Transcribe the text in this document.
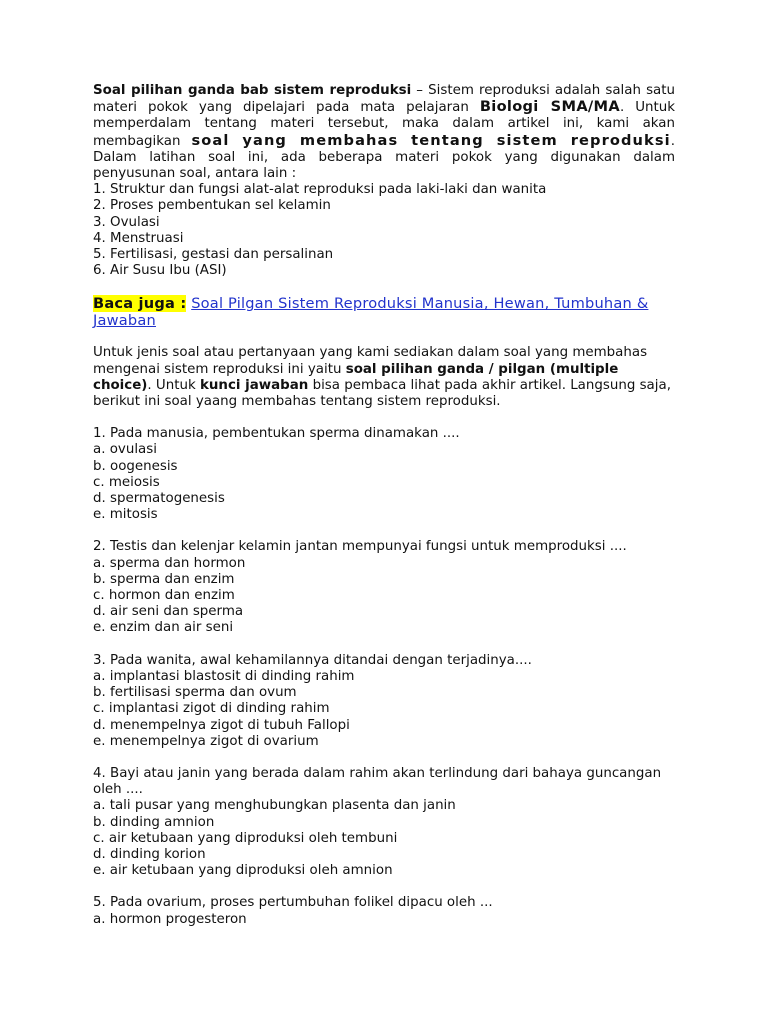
Soal pilihan ganda bab sistem reproduksi – Sistem reproduksi adalah salah satu materi pokok yang dipelajari pada mata pelajaran Biologi SMA/MA. Untuk memperdalam tentang materi tersebut, maka dalam artikel ini, kami akan membagikan soal yang membahas tentang sistem reproduksi. Dalam latihan soal ini, ada beberapa materi pokok yang digunakan dalam penyusunan soal, antara lain :

1. Struktur dan fungsi alat-alat reproduksi pada laki-laki dan wanita
2. Proses pembentukan sel kelamin
3. Ovulasi
4. Menstruasi
5. Fertilisasi, gestasi dan persalinan
6. Air Susu Ibu (ASI)

Baca juga : Soal Pilgan Sistem Reproduksi Manusia, Hewan, Tumbuhan & Jawaban

Untuk jenis soal atau pertanyaan yang kami sediakan dalam soal yang membahas mengenai sistem reproduksi ini yaitu soal pilihan ganda / pilgan (multiple choice). Untuk kunci jawaban bisa pembaca lihat pada akhir artikel. Langsung saja, berikut ini soal yaang membahas tentang sistem reproduksi.

1. Pada manusia, pembentukan sperma dinamakan ....

a. ovulasi
b. oogenesis
c. meiosis
d. spermatogenesis
e. mitosis

2. Testis dan kelenjar kelamin jantan mempunyai fungsi untuk memproduksi ....

a. sperma dan hormon
b. sperma dan enzim
c. hormon dan enzim
d. air seni dan sperma
e. enzim dan air seni

3. Pada wanita, awal kehamilannya ditandai dengan terjadinya....

a. implantasi blastosit di dinding rahim
b. fertilisasi sperma dan ovum
c. implantasi zigot di dinding rahim
d. menempelnya zigot di tubuh Fallopi
e. menempelnya zigot di ovarium

4. Bayi atau janin yang berada dalam rahim akan terlindung dari bahaya guncangan oleh ....

a. tali pusar yang menghubungkan plasenta dan janin
b. dinding amnion
c. air ketubaan yang diproduksi oleh tembuni
d. dinding korion
e. air ketubaan yang diproduksi oleh amnion

5. Pada ovarium, proses pertumbuhan folikel dipacu oleh ...

a. hormon progesteron
